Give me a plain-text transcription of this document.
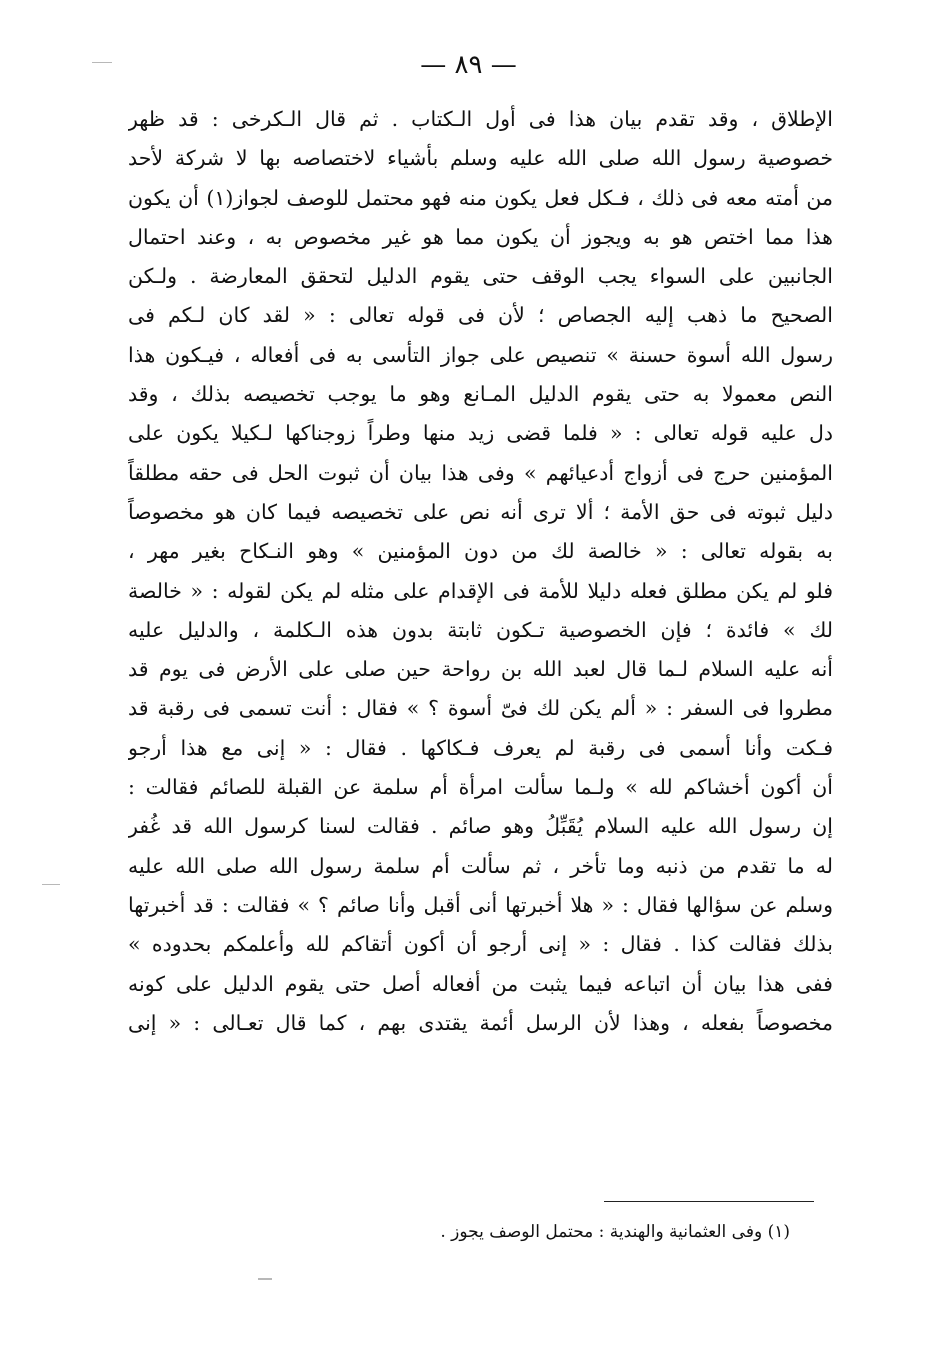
— ٨٩ —
الإطلاق ، وقد تقدم بيان هذا فى أول الـكتاب . ثم قال الـكرخى : قد ظهر
خصوصية رسول الله صلى الله عليه وسلم بأشياء لاختصاصه بها لا شركة لأحد
من أمته معه فى ذلك ، فـكل فعل يكون منه فهو محتمل للوصف لجواز(١) أن يكون
هذا مما اختص هو به ويجوز أن يكون مما هو غير مخصوص به ، وعند احتمال
الجانبين على السواء يجب الوقف حتى يقوم الدليل لتحقق المعارضة . ولـكن
الصحيح ما ذهب إليه الجصاص ؛ لأن فى قوله تعالى : « لقد كان لـكم فى
رسول الله أسوة حسنة » تنصيص على جواز التأسى به فى أفعاله ، فيـكون هذا
النص معمولا به حتى يقوم الدليل المـانع وهو ما يوجب تخصيصه بذلك ، وقد
دل عليه قوله تعالى : « فلما قضى زيد منها وطراً زوجناكها لـكيلا يكون على
المؤمنين حرج فى أزواج أدعيائهم » وفى هذا بيان أن ثبوت الحل فى حقه مطلقاً
دليل ثبوته فى حق الأمة ؛ ألا ترى أنه نص على تخصيصه فيما كان هو مخصوصاً
به بقوله تعالى : « خالصة لك من دون المؤمنين » وهو النـكاح بغير مهر ،
فلو لم يكن مطلق فعله دليلا للأمة فى الإقدام على مثله لم يكن لقوله : « خالصة
لك » فائدة ؛ فإن الخصوصية تـكون ثابتة بدون هذه الـكلمة ، والدليل عليه
أنه عليه السلام لـما قال لعبد الله بن رواحة حين صلى على الأرض فى يوم قد
مطروا فى السفر : « ألم يكن لك فىّ أسوة ؟ » فقال : أنت تسمى فى رقبة قد
فـكت وأنا أسمى فى رقبة لم يعرف فـكاكها . فقال : « إنى مع هذا أرجو
أن أكون أخشاكم لله » ولـما سألت امرأة أم سلمة عن القبلة للصائم فقالت :
إن رسول الله عليه السلام يُقَبِّلُ وهو صائم . فقالت لسنا كرسول الله قد غُفر
له ما تقدم من ذنبه وما تأخر ، ثم سألت أم سلمة رسول الله صلى الله عليه
وسلم عن سؤالها فقال : « هلا أخبرتها أنى أقبل وأنا صائم ؟ » فقالت : قد أخبرتها
بذلك فقالت كذا . فقال : « إنى أرجو أن أكون أتقاكم لله وأعلمكم بحدوده »
ففى هذا بيان أن اتباعه فيما يثبت من أفعاله أصل حتى يقوم الدليل على كونه
مخصوصاً بفعله ، وهذا لأن الرسل أئمة يقتدى بهم ، كما قال تعـالى : « إنى
(١) وفى العثمانية والهندية : محتمل الوصف يجوز .
